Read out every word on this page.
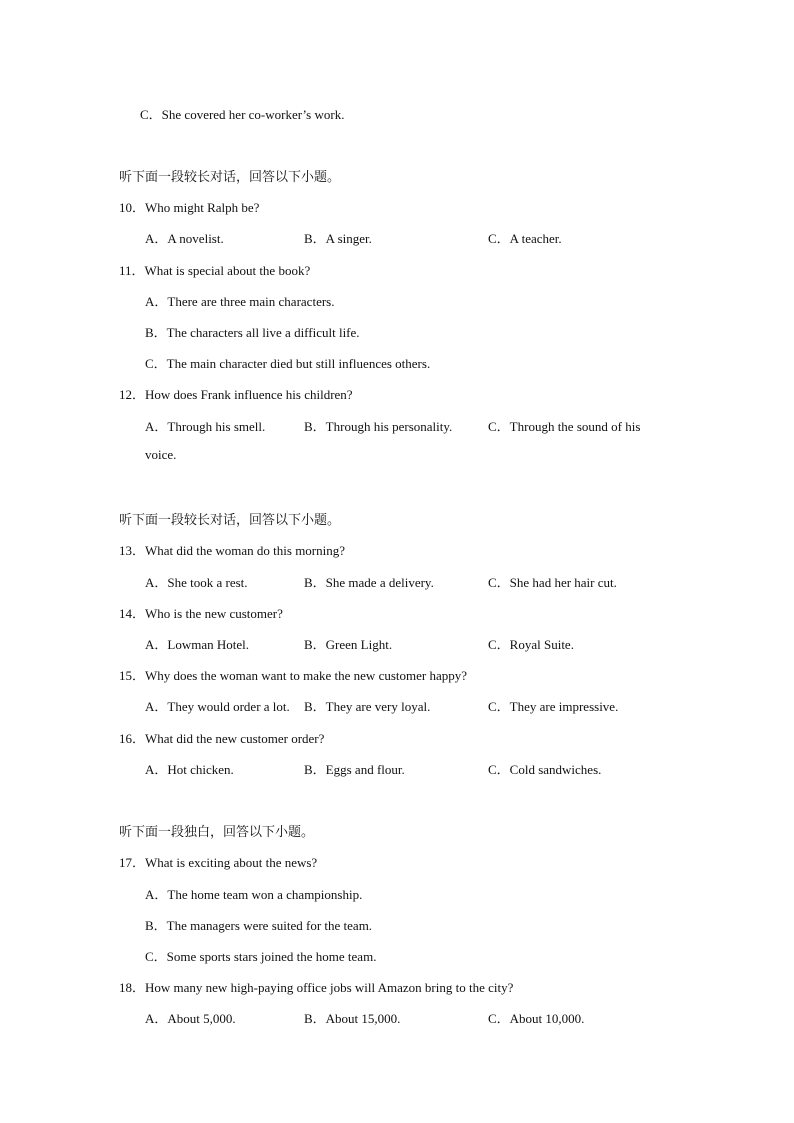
C．She covered her co-worker’s work.
听下面一段较长对话，回答以下小题。
10．Who might Ralph be?
A．A novelist.	B．A singer.	C．A teacher.
11．What is special about the book?
A．There are three main characters.
B．The characters all live a difficult life.
C．The main character died but still influences others.
12．How does Frank influence his children?
A．Through his smell.	B．Through his personality.	C．Through the sound of his
voice.
听下面一段较长对话，回答以下小题。
13．What did the woman do this morning?
A．She took a rest.	B．She made a delivery.	C．She had her hair cut.
14．Who is the new customer?
A．Lowman Hotel.	B．Green Light.	C．Royal Suite.
15．Why does the woman want to make the new customer happy?
A．They would order a lot. B．They are very loyal.	C．They are impressive.
16．What did the new customer order?
A．Hot chicken.	B．Eggs and flour.	C．Cold sandwiches.
听下面一段独白，回答以下小题。
17．What is exciting about the news?
A．The home team won a championship.
B．The managers were suited for the team.
C．Some sports stars joined the home team.
18．How many new high-paying office jobs will Amazon bring to the city?
A．About 5,000.	B．About 15,000.	C．About 10,000.
